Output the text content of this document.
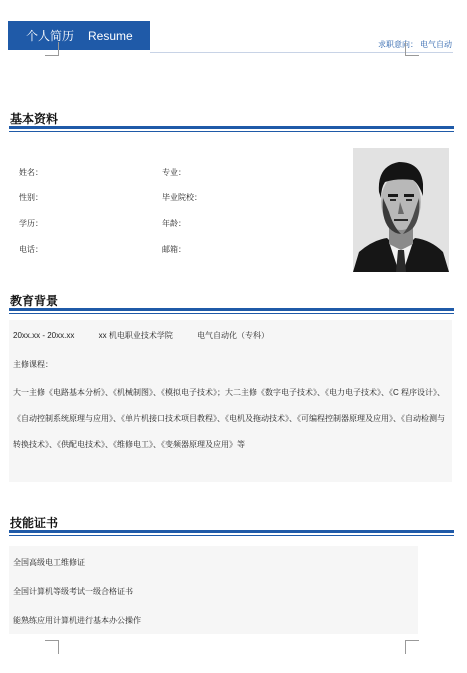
个人简历 Resume
求职意向： 电气自动
基本资料
姓名：	专业：
性别：	毕业院校：
学历：	年龄：
电话：	邮箱：
教育背景
20xx.xx - 20xx.xx	xx 机电职业技术学院	电气自动化（专科）
主修课程：
大一主修《电路基本分析》、《机械制图》、《模拟电子技术》；大二主修《数字电子技术》、《电力电子技术》、《C 程序设计》、《自动控制系统原理与应用》、《单片机接口技术项目教程》、《电机及拖动技术》、《可编程控制器原理及应用》、《自动检测与转换技术》、《供配电技术》、《维修电工》、《变频器原理及应用》等
技能证书
全国高级电工维修证
全国计算机等级考试一级合格证书
能熟练应用计算机进行基本办公操作
